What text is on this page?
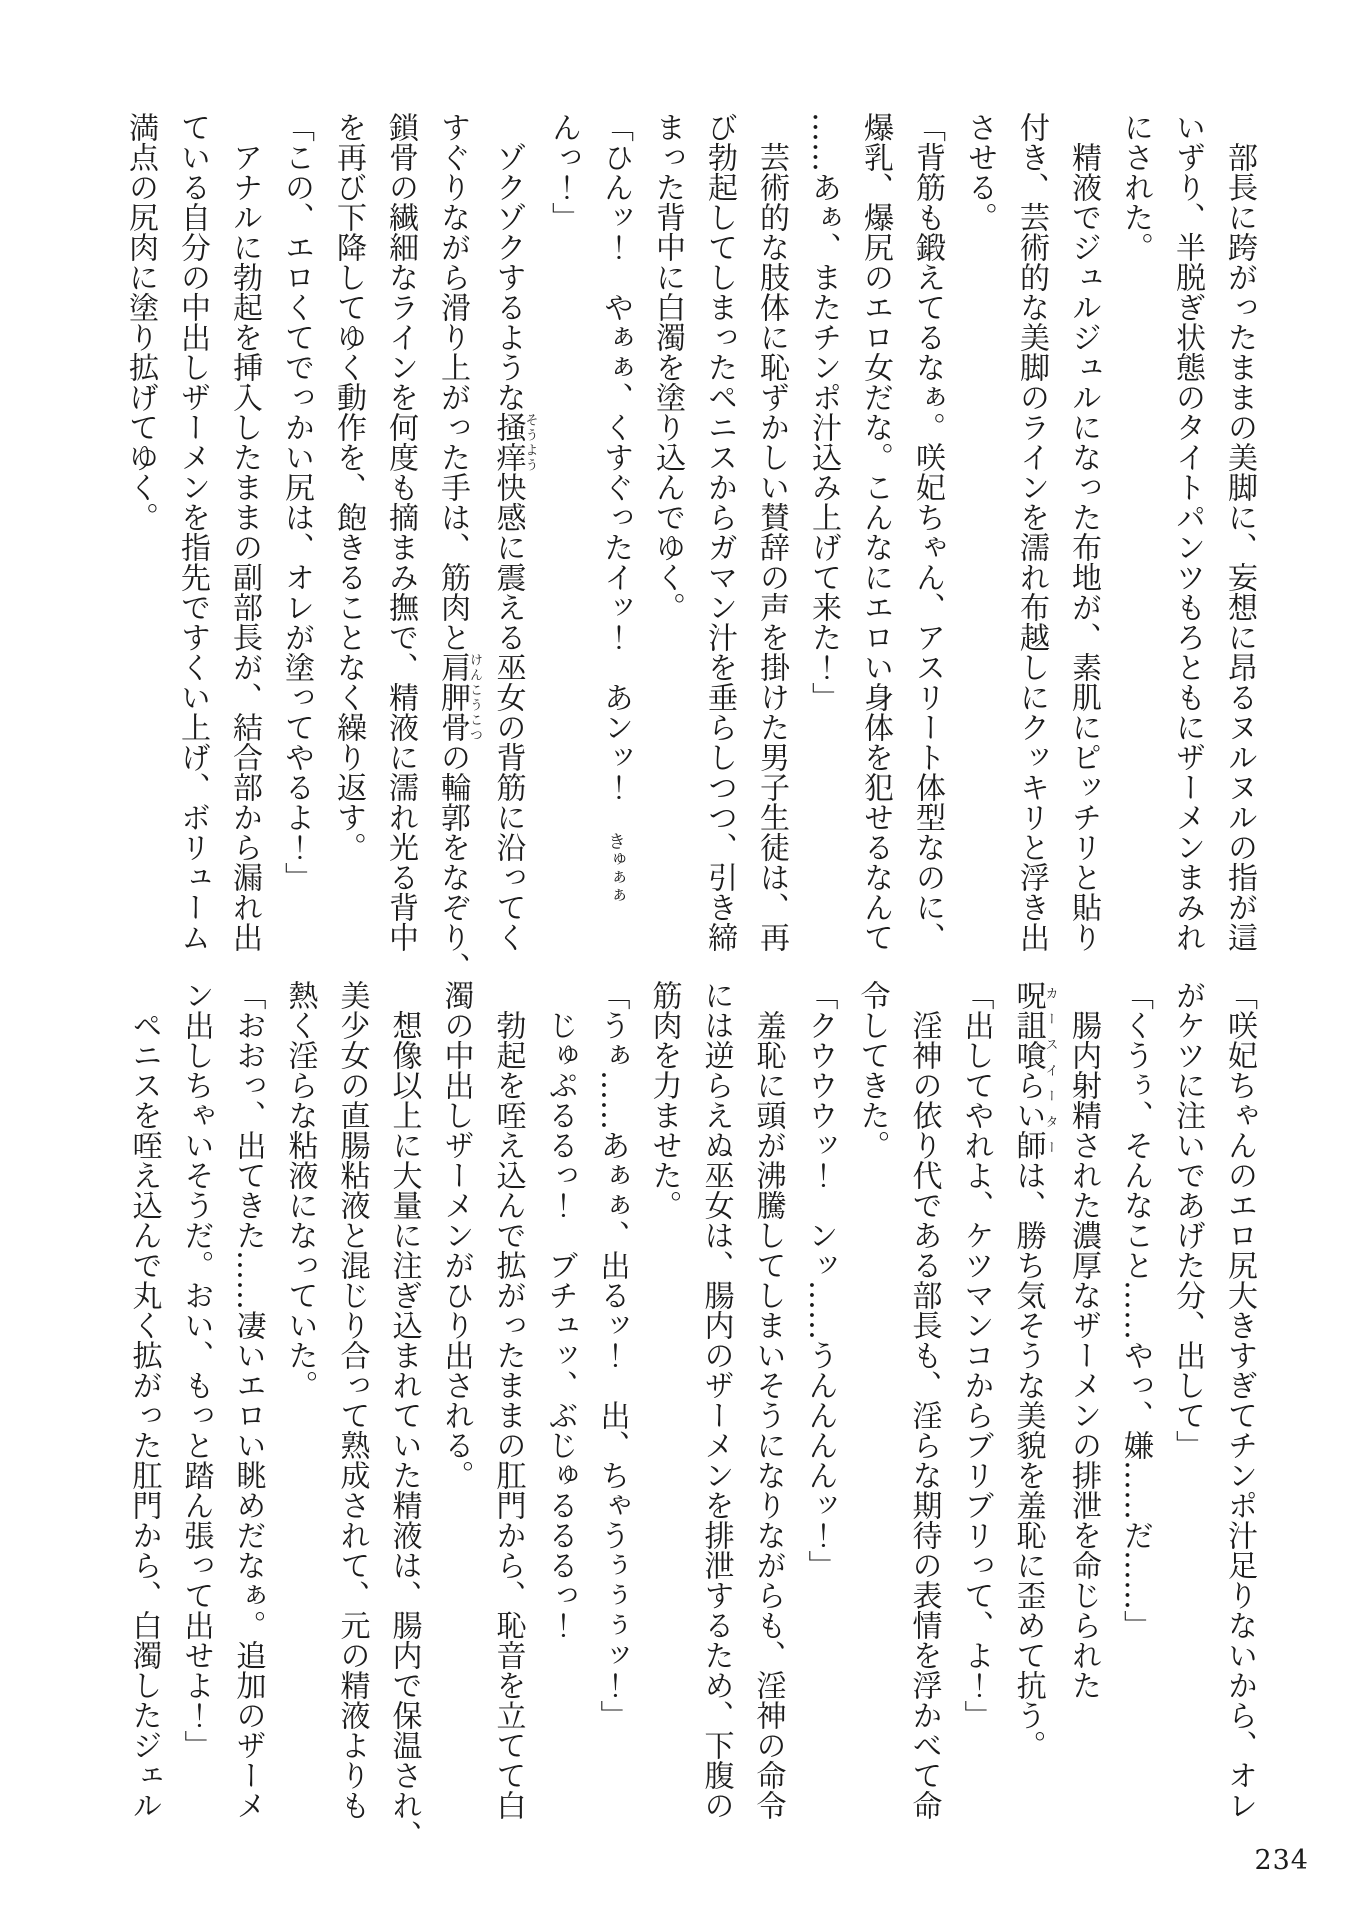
部長に跨がったままの美脚に、妄想に昂るヌルヌルの指が這

いずり、半脱ぎ状態のタイトパンツもろともにザーメンまみれ

にされた。

精液でジュルジュルになった布地が、素肌にピッチリと貼り

付き、芸術的な美脚のラインを濡れ布越しにクッキリと浮き出

させる。

「背筋も鍛えてるなぁ。咲妃ちゃん、アスリート体型なのに、

爆乳、爆尻のエロ女だな。こんなにエロい身体を犯せるなんて

……あぁ、またチンポ汁込み上げて来た！」

芸術的な肢体に恥ずかしい賛辞の声を掛けた男子生徒は、再

び勃起してしまったペニスからガマン汁を垂らしつつ、引き締

まった背中に白濁を塗り込んでゆく。

「ひんッ！　やぁぁ、くすぐったイッ！　あンッ！　きゅぁぁ

んっ！」

ゾクゾクするような掻痒そうよう快感に震える巫女の背筋に沿ってく

すぐりながら滑り上がった手は、筋肉と肩胛骨けんこうこつの輪郭をなぞり、

鎖骨の繊細なラインを何度も摘まみ撫で、精液に濡れ光る背中

を再び下降してゆく動作を、飽きることなく繰り返す。

「この、エロくてでっかい尻は、オレが塗ってやるよ！」

アナルに勃起を挿入したままの副部長が、結合部から漏れ出

ている自分の中出しザーメンを指先ですくい上げ、ボリューム

満点の尻肉に塗り拡げてゆく。

「咲妃ちゃんのエロ尻大きすぎてチンポ汁足りないから、オレ

がケツに注いであげた分、出して」

「くうぅ、そんなこと……やっ、嫌……だ……」

腸内射精された濃厚なザーメンの排泄を命じられた

呪詛喰らい師カースイーターは、勝ち気そうな美貌を羞恥に歪めて抗う。

「出してやれよ、ケツマンコからブリブリって、よ！」

淫神の依り代である部長も、淫らな期待の表情を浮かべて命

令してきた。

「クウウウッ！　ンッ……うんんんんッ！」

羞恥に頭が沸騰してしまいそうになりながらも、淫神の命令

には逆らえぬ巫女は、腸内のザーメンを排泄するため、下腹の

筋肉を力ませた。

「うぁ……あぁぁ、出るッ！　出、ちゃうぅぅぅッ！」

じゅぷるるっ！　ブチュッ、ぶじゅるるるっ！

勃起を咥え込んで拡がったままの肛門から、恥音を立てて白

濁の中出しザーメンがひり出される。

想像以上に大量に注ぎ込まれていた精液は、腸内で保温され、

美少女の直腸粘液と混じり合って熟成されて、元の精液よりも

熱く淫らな粘液になっていた。

「おおっ、出てきた……凄いエロい眺めだなぁ。追加のザーメ

ン出しちゃいそうだ。おい、もっと踏ん張って出せよ！」

ペニスを咥え込んで丸く拡がった肛門から、白濁したジェル

234
